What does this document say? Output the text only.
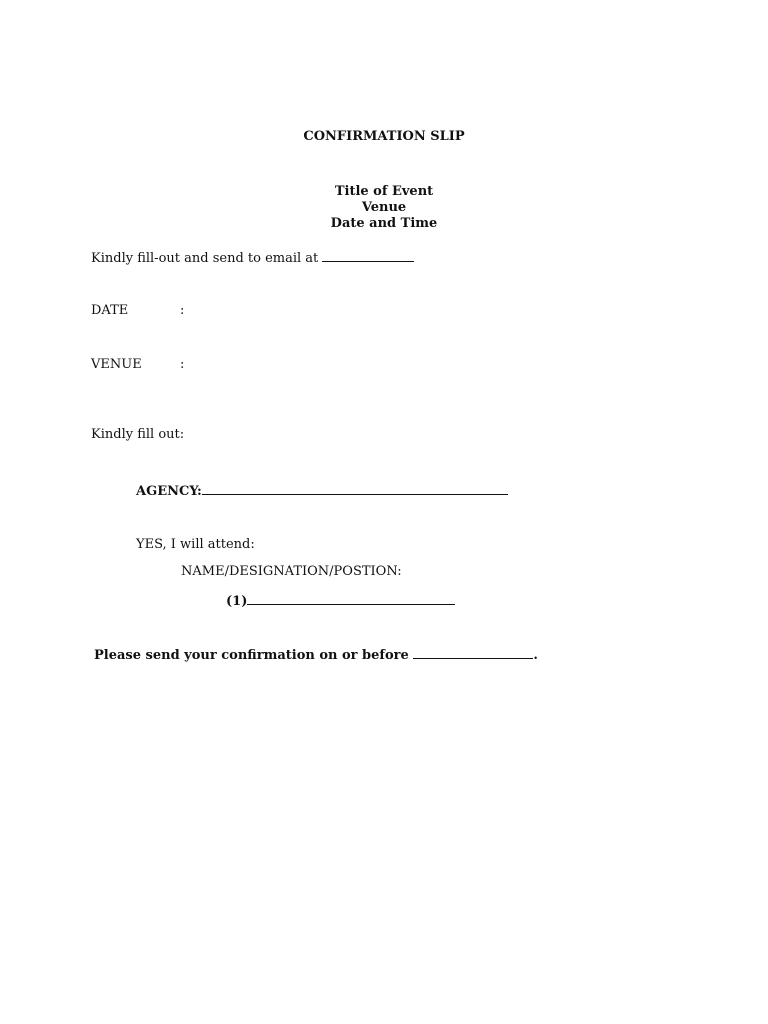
CONFIRMATION SLIP

Title of Event

Venue

Date and Time

Kindly fill-out and send to email at

DATE	:

VENUE	:

Kindly fill out:

AGENCY:

YES, I will attend:

NAME/DESIGNATION/POSTION:

(1)

Please send your confirmation on or before	.
